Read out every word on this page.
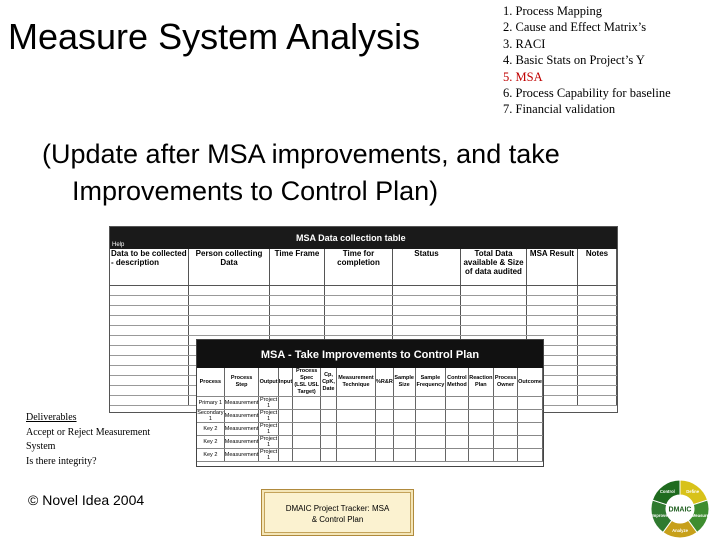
Measure System Analysis
1. Process Mapping
2. Cause and Effect Matrix’s
3. RACI
4. Basic Stats on Project’s Y
5. MSA
6. Process Capability for baseline
7. Financial validation
(Update after MSA improvements, and take
Improvements to Control Plan)
Help
MSA Data collection table
Data to be collected - description	Person collecting Data	Time Frame	Time for completion	Status	Total Data available & Size of data audited	MSA Result	Notes

MSA - Take Improvements to Control Plan
Process	Process Step	Output	Input	Process Spec (LSL USL Target)	Cp, CpK, Date	Measurement Technique	%R&R	Sample Size	Sample Frequency	Control Method	Reaction Plan	Process Owner	Outcome
Primary 1	Measurement	Project 1											
Secondary 1	Measurement	Project 1											
Key 2	Measurement	Project 1											
Key 2	Measurement	Project 1											
Key 2	Measurement	Project 1											
Deliverables
Accept or Reject Measurement
System
Is there integrity?
© Novel Idea 2004
DMAIC Project Tracker: MSA
& Control Plan
Define
Measure
Analyze
Improve
Control
DMAIC
